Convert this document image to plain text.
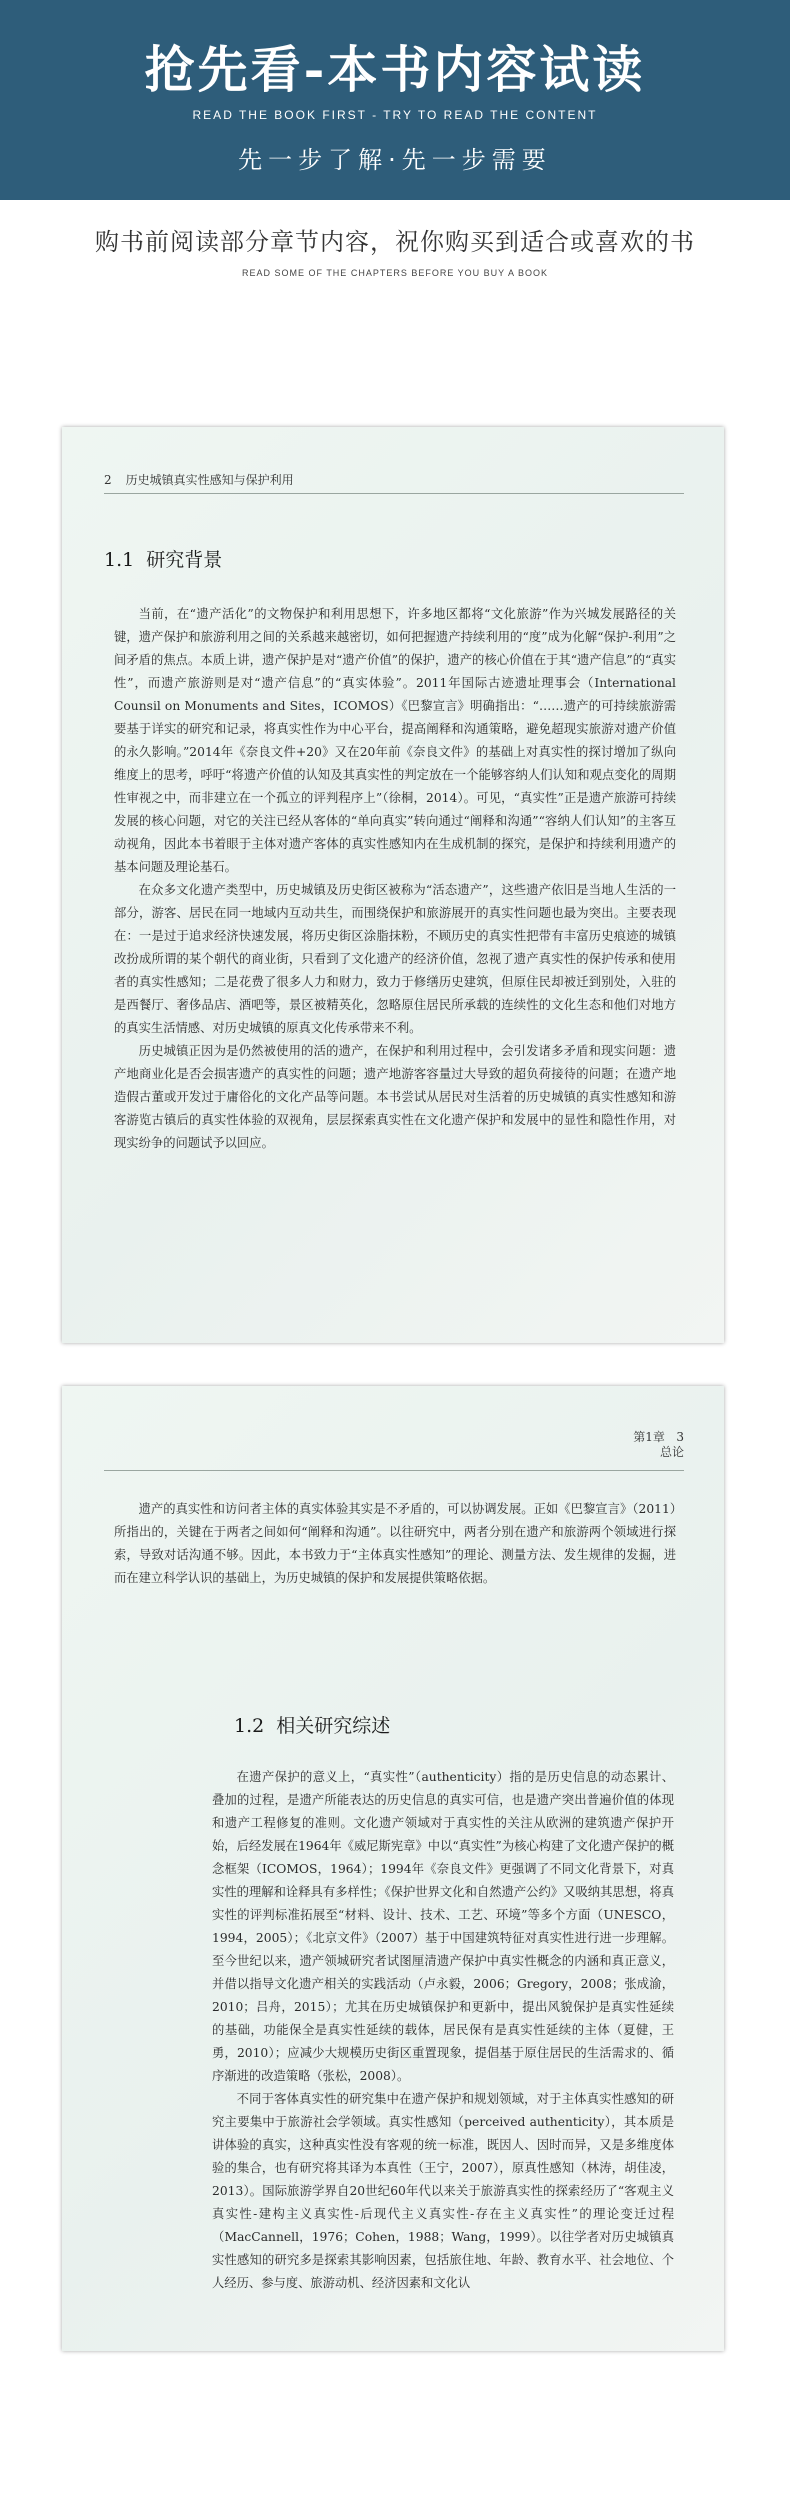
抢先看-本书内容试读
READ THE BOOK FIRST - TRY TO READ THE CONTENT
先一步了解·先一步需要
购书前阅读部分章节内容，祝你购买到适合或喜欢的书
READ SOME OF THE CHAPTERS BEFORE YOU BUY A BOOK
2 历史城镇真实性感知与保护利用
1.1 研究背景

当前，在“遗产活化”的文物保护和利用思想下，许多地区都将“文化旅游”作为兴城发展路径的关键，遗产保护和旅游利用之间的关系越来越密切，如何把握遗产持续利用的“度”成为化解“保护-利用”之间矛盾的焦点。本质上讲，遗产保护是对“遗产价值”的保护，遗产的核心价值在于其“遗产信息”的“真实性”，而遗产旅游则是对“遗产信息”的“真实体验”。2011年国际古迹遗址理事会（International Counsil on Monuments and Sites，ICOMOS）《巴黎宣言》明确指出：“……遗产的可持续旅游需要基于详实的研究和记录，将真实性作为中心平台，提高阐释和沟通策略，避免超现实旅游对遗产价值的永久影响。”2014年《奈良文件+20》又在20年前《奈良文件》的基础上对真实性的探讨增加了纵向维度上的思考，呼吁“将遗产价值的认知及其真实性的判定放在一个能够容纳人们认知和观点变化的周期性审视之中，而非建立在一个孤立的评判程序上”（徐桐，2014）。可见，“真实性”正是遗产旅游可持续发展的核心问题，对它的关注已经从客体的“单向真实”转向通过“阐释和沟通”“容纳人们认知”的主客互动视角，因此本书着眼于主体对遗产客体的真实性感知内在生成机制的探究，是保护和持续利用遗产的基本问题及理论基石。

在众多文化遗产类型中，历史城镇及历史街区被称为“活态遗产”，这些遗产依旧是当地人生活的一部分，游客、居民在同一地域内互动共生，而围绕保护和旅游展开的真实性问题也最为突出。主要表现在：一是过于追求经济快速发展，将历史街区涂脂抹粉，不顾历史的真实性把带有丰富历史痕迹的城镇改扮成所谓的某个朝代的商业街，只看到了文化遗产的经济价值，忽视了遗产真实性的保护传承和使用者的真实性感知；二是花费了很多人力和财力，致力于修缮历史建筑，但原住民却被迁到别处，入驻的是西餐厅、奢侈品店、酒吧等，景区被精英化，忽略原住居民所承载的连续性的文化生态和他们对地方的真实生活情感、对历史城镇的原真文化传承带来不利。

历史城镇正因为是仍然被使用的活的遗产，在保护和利用过程中，会引发诸多矛盾和现实问题：遗产地商业化是否会损害遗产的真实性的问题；遗产地游客容量过大导致的超负荷接待的问题；在遗产地造假古董或开发过于庸俗化的文化产品等问题。本书尝试从居民对生活着的历史城镇的真实性感知和游客游览古镇后的真实性体验的双视角，层层探索真实性在文化遗产保护和发展中的显性和隐性作用，对现实纷争的问题试予以回应。

第1章 3
总论

遗产的真实性和访问者主体的真实体验其实是不矛盾的，可以协调发展。正如《巴黎宣言》（2011）所指出的，关键在于两者之间如何“阐释和沟通”。以往研究中，两者分别在遗产和旅游两个领域进行探索，导致对话沟通不够。因此，本书致力于“主体真实性感知”的理论、测量方法、发生规律的发掘，进而在建立科学认识的基础上，为历史城镇的保护和发展提供策略依据。

1.2 相关研究综述

在遗产保护的意义上，“真实性”（authenticity）指的是历史信息的动态累计、叠加的过程，是遗产所能表达的历史信息的真实可信，也是遗产突出普遍价值的体现和遗产工程修复的准则。文化遗产领域对于真实性的关注从欧洲的建筑遗产保护开始，后经发展在1964年《威尼斯宪章》中以“真实性”为核心构建了文化遗产保护的概念框架（ICOMOS，1964）；1994年《奈良文件》更强调了不同文化背景下，对真实性的理解和诠释具有多样性；《保护世界文化和自然遗产公约》又吸纳其思想，将真实性的评判标准拓展至“材料、设计、技术、工艺、环境”等多个方面（UNESCO，1994，2005）；《北京文件》（2007）基于中国建筑特征对真实性进行进一步理解。至今世纪以来，遗产领城研究者试图厘清遗产保护中真实性概念的内涵和真正意义，并借以指导文化遗产相关的实践活动（卢永毅，2006；Gregory，2008；张成渝，2010；吕舟，2015）；尤其在历史城镇保护和更新中，提出风貌保护是真实性延续的基础，功能保全是真实性延续的载体，居民保有是真实性延续的主体（夏健，王勇，2010）；应减少大规模历史街区重置现象，提倡基于原住居民的生活需求的、循序渐进的改造策略（张松，2008）。

不同于客体真实性的研究集中在遗产保护和规划领域，对于主体真实性感知的研究主要集中于旅游社会学领域。真实性感知（perceived authenticity），其本质是讲体验的真实，这种真实性没有客观的统一标准，既因人、因时而异，又是多维度体验的集合，也有研究将其译为本真性（王宁，2007），原真性感知（林涛，胡佳凌，2013）。国际旅游学界自20世纪60年代以来关于旅游真实性的探索经历了“客观主义真实性-建构主义真实性-后现代主义真实性-存在主义真实性”的理论变迁过程（MacCannell，1976；Cohen，1988；Wang，1999）。以往学者对历史城镇真实性感知的研究多是探索其影响因素，包括旅住地、年龄、教育水平、社会地位、个人经历、参与度、旅游动机、经济因素和文化认
